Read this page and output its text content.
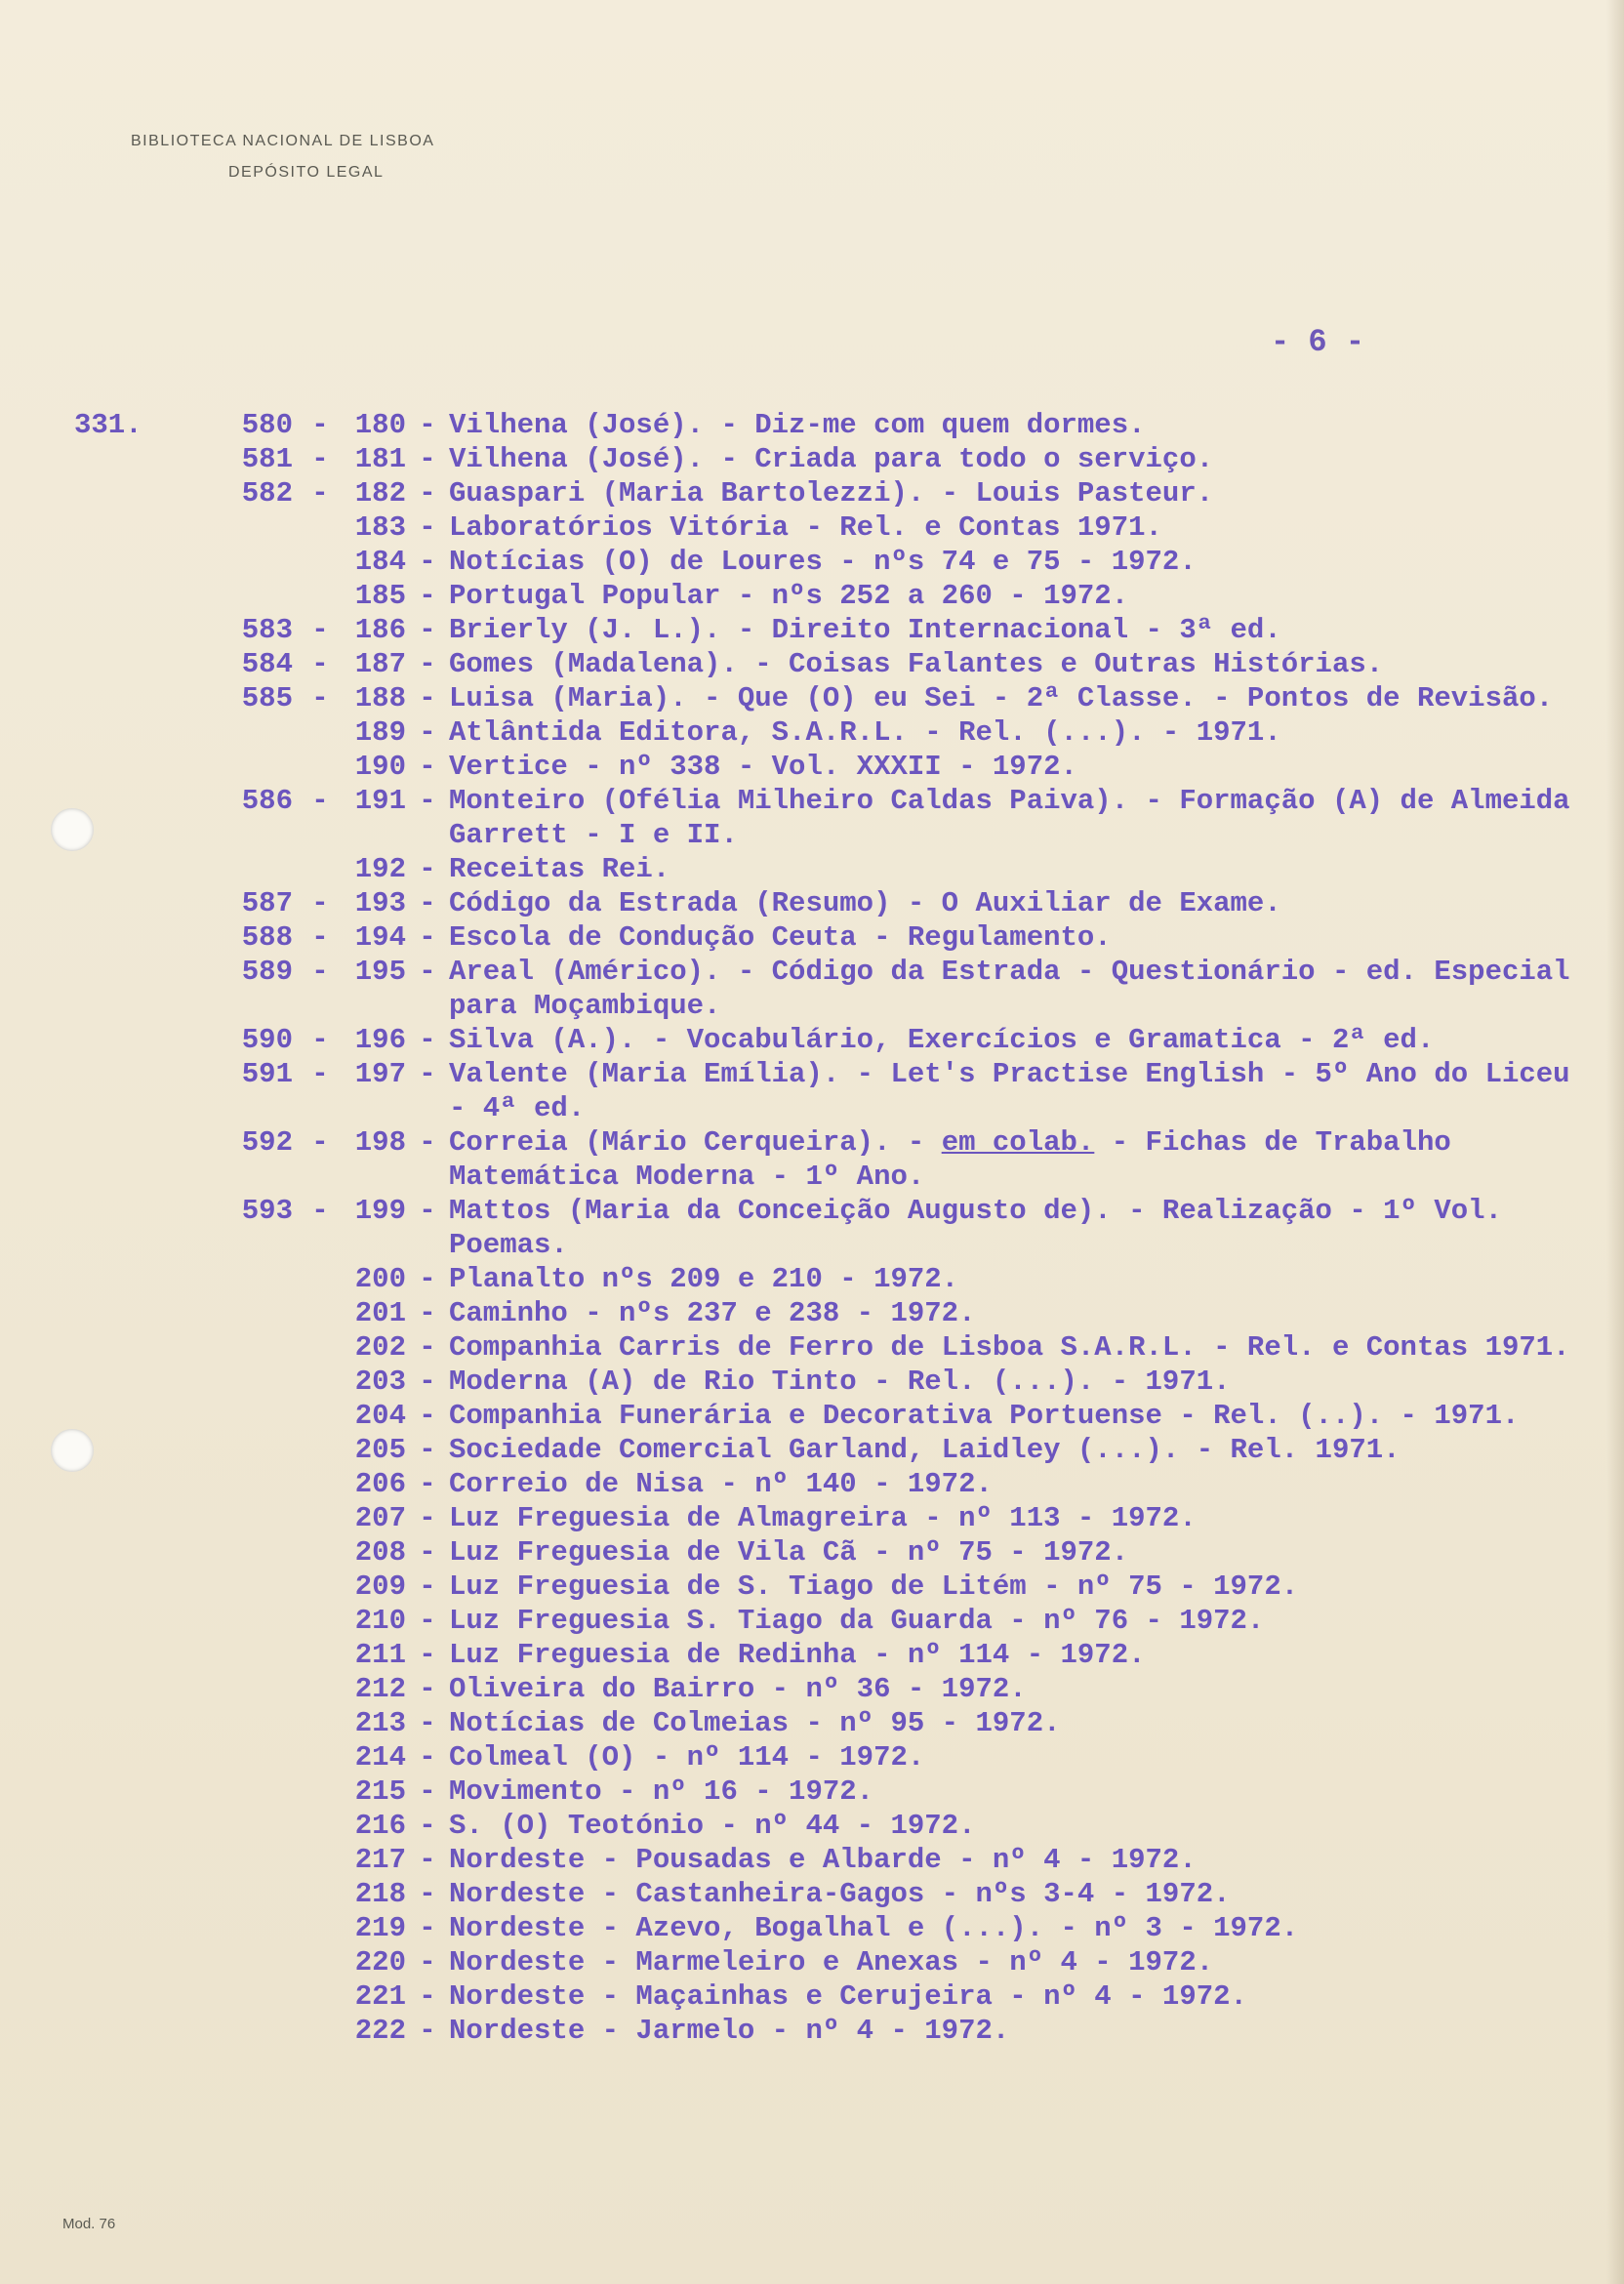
BIBLIOTECA NACIONAL DE LISBOA
DEPÓSITO LEGAL
- 6 -
331.	580 - 180 - Vilhena (José). - Diz-me com quem dormes.
581 - 181 - Vilhena (José). - Criada para todo o serviço.
582 - 182 - Guaspari (Maria Bartolezzi). - Louis Pasteur.
183 - Laboratórios Vitória - Rel. e Contas 1971.
184 - Notícias (O) de Loures - nºs 74 e 75 - 1972.
185 - Portugal Popular - nºs 252 a 260 - 1972.
583 - 186 - Brierly (J. L.). - Direito Internacional - 3ª ed.
584 - 187 - Gomes (Madalena). - Coisas Falantes e Outras Histórias.
585 - 188 - Luisa (Maria). - Que (O) eu Sei - 2ª Classe. - Pontos de Revisão.
189 - Atlântida Editora, S.A.R.L. - Rel. (...). - 1971.
190 - Vertice - nº 338 - Vol. XXXII - 1972.
586 - 191 - Monteiro (Ofélia Milheiro Caldas Paiva). - Formação (A) de Almeida Garrett - I e II.
192 - Receitas Rei.
587 - 193 - Código da Estrada (Resumo) - O Auxiliar de Exame.
588 - 194 - Escola de Condução Ceuta - Regulamento.
589 - 195 - Areal (Américo). - Código da Estrada - Questionário - ed. Especial para Moçambique.
590 - 196 - Silva (A.). - Vocabulário, Exercícios e Gramatica - 2ª ed.
591 - 197 - Valente (Maria Emília). - Let's Practise English - 5º Ano do Liceu - 4ª ed.
592 - 198 - Correia (Mário Cerqueira). - em colab. - Fichas de Trabalho Matemática Moderna - 1º Ano.
593 - 199 - Mattos (Maria da Conceição Augusto de). - Realização - 1º Vol. Poemas.
200 - Planalto nºs 209 e 210 - 1972.
201 - Caminho - nºs 237 e 238 - 1972.
202 - Companhia Carris de Ferro de Lisboa S.A.R.L. - Rel. e Contas 1971.
203 - Moderna (A) de Rio Tinto - Rel. (...). - 1971.
204 - Companhia Funerária e Decorativa Portuense - Rel. (..). - 1971.
205 - Sociedade Comercial Garland, Laidley (...). - Rel. 1971.
206 - Correio de Nisa - nº 140 - 1972.
207 - Luz Freguesia de Almagreira - nº 113 - 1972.
208 - Luz Freguesia de Vila Cã - nº 75 - 1972.
209 - Luz Freguesia de S. Tiago de Litém - nº 75 - 1972.
210 - Luz Freguesia S. Tiago da Guarda - nº 76 - 1972.
211 - Luz Freguesia de Redinha - nº 114 - 1972.
212 - Oliveira do Bairro - nº 36 - 1972.
213 - Notícias de Colmeias - nº 95 - 1972.
214 - Colmeal (O) - nº 114 - 1972.
215 - Movimento - nº 16 - 1972.
216 - S. (O) Teotónio - nº 44 - 1972.
217 - Nordeste - Pousadas e Albarde - nº 4 - 1972.
218 - Nordeste - Castanheira-Gagos - nºs 3-4 - 1972.
219 - Nordeste - Azevo, Bogalhal e (...). - nº 3 - 1972.
220 - Nordeste - Marmeleiro e Anexas - nº 4 - 1972.
221 - Nordeste - Maçainhas e Cerujeira - nº 4 - 1972.
222 - Nordeste - Jarmelo - nº 4 - 1972.
Mod. 76
